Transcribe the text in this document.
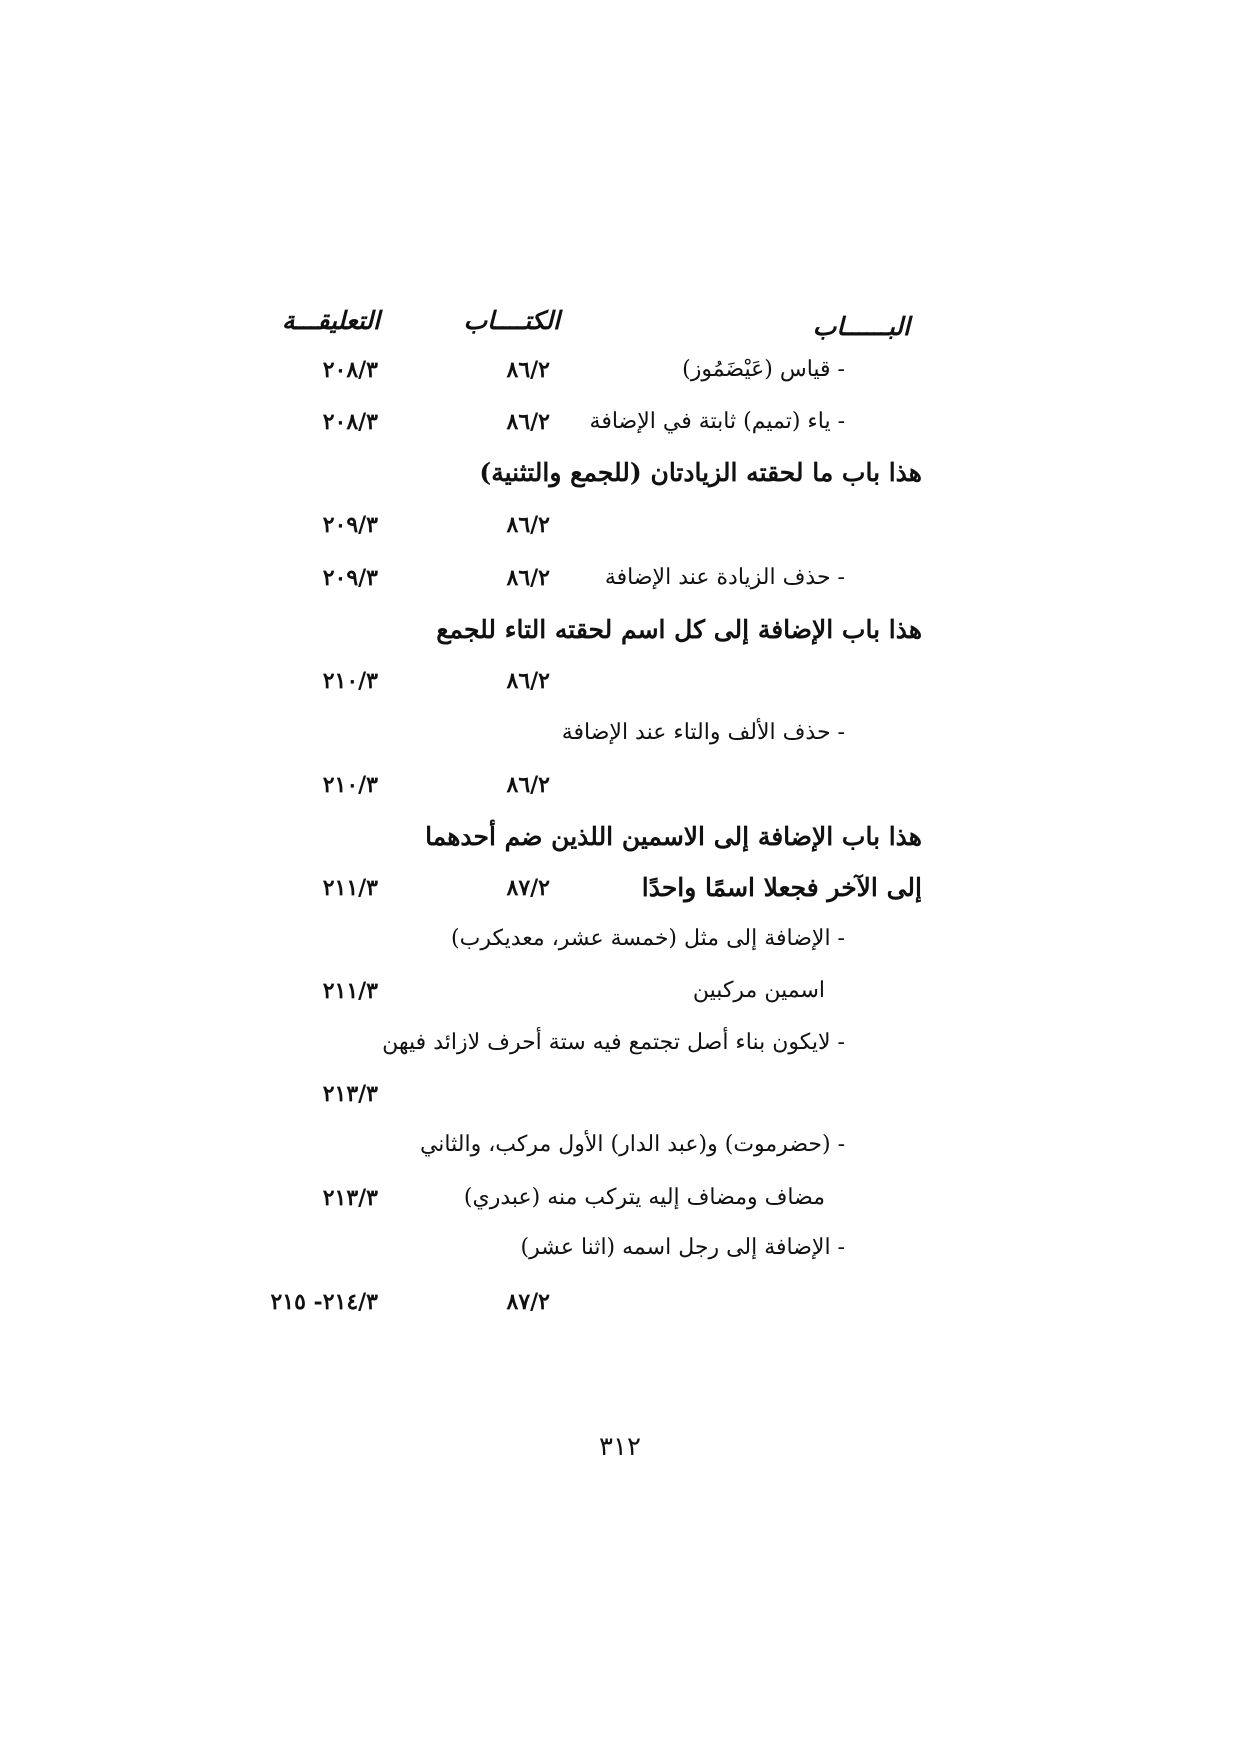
البــــــاب
الكتــــاب
التعليقـــة
- قياس (عَيْضَمُوز)
٨٦/٢
٢٠٨/٣
- ياء (تميم) ثابتة في الإضافة
٨٦/٢
٢٠٨/٣
هذا باب ما لحقته الزيادتان (للجمع والتثنية)
٨٦/٢
٢٠٩/٣
- حذف الزيادة عند الإضافة
٨٦/٢
٢٠٩/٣
هذا باب الإضافة إلى كل اسم لحقته التاء للجمع
٨٦/٢
٢١٠/٣
- حذف الألف والتاء عند الإضافة
٨٦/٢
٢١٠/٣
هذا باب الإضافة إلى الاسمين اللذين ضم أحدهما
إلى الآخر فجعلا اسمًا واحدًا
٨٧/٢
٢١١/٣
- الإضافة إلى مثل (خمسة عشر، معديكرب)
اسمين مركبين
٢١١/٣
- لايكون بناء أصل تجتمع فيه ستة أحرف لازائد فيهن
٢١٣/٣
- (حضرموت) و(عبد الدار) الأول مركب، والثاني
مضاف ومضاف إليه يتركب منه (عبدري)
٢١٣/٣
- الإضافة إلى رجل اسمه (اثنا عشر)
٨٧/٢
٢١٤/٣- ٢١٥
٣١٢
